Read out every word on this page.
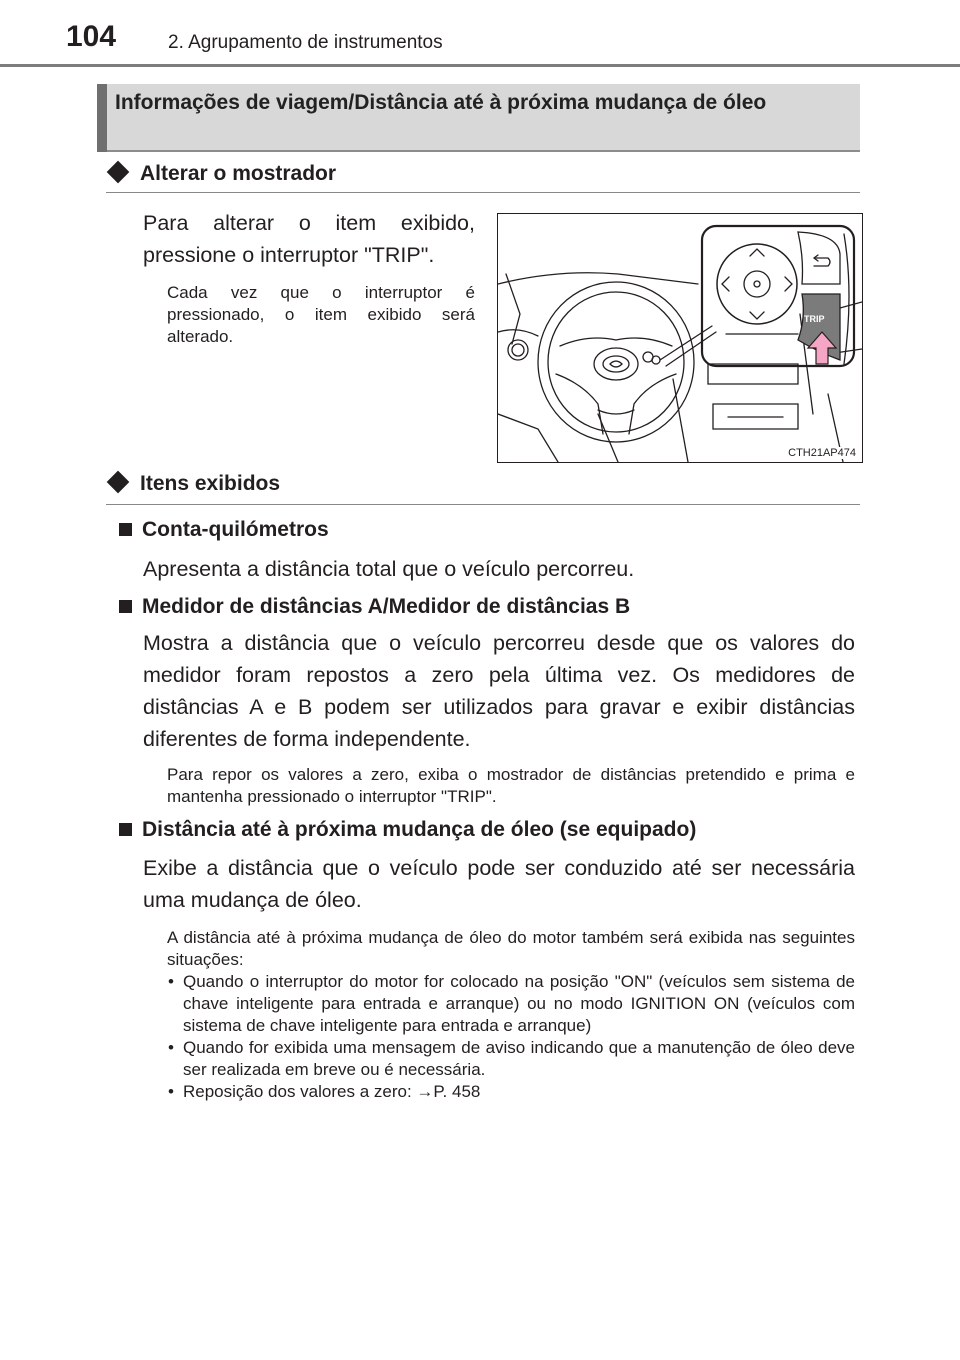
104	2. Agrupamento de instrumentos
Informações de viagem/Distância até à próxima mudança de óleo
Alterar o mostrador
Para alterar o item exibido, pressione o interruptor "TRIP".
Cada vez que o interruptor é pressionado, o item exibido será alterado.
TRIP
CTH21AP474
Itens exibidos
Conta-quilómetros
Apresenta a distância total que o veículo percorreu.
Medidor de distâncias A/Medidor de distâncias B
Mostra a distância que o veículo percorreu desde que os valores do medidor foram repostos a zero pela última vez. Os medidores de distâncias A e B podem ser utilizados para gravar e exibir distâncias diferentes de forma independente.
Para repor os valores a zero, exiba o mostrador de distâncias pretendido e prima e mantenha pressionado o interruptor "TRIP".
Distância até à próxima mudança de óleo (se equipado)
Exibe a distância que o veículo pode ser conduzido até ser necessária uma mudança de óleo.
A distância até à próxima mudança de óleo do motor também será exibida nas seguintes situações:
• Quando o interruptor do motor for colocado na posição "ON" (veículos sem sistema de chave inteligente para entrada e arranque) ou no modo IGNITION ON (veículos com sistema de chave inteligente para entrada e arranque)
• Quando for exibida uma mensagem de aviso indicando que a manutenção de óleo deve ser realizada em breve ou é necessária.
• Reposição dos valores a zero: →P. 458
